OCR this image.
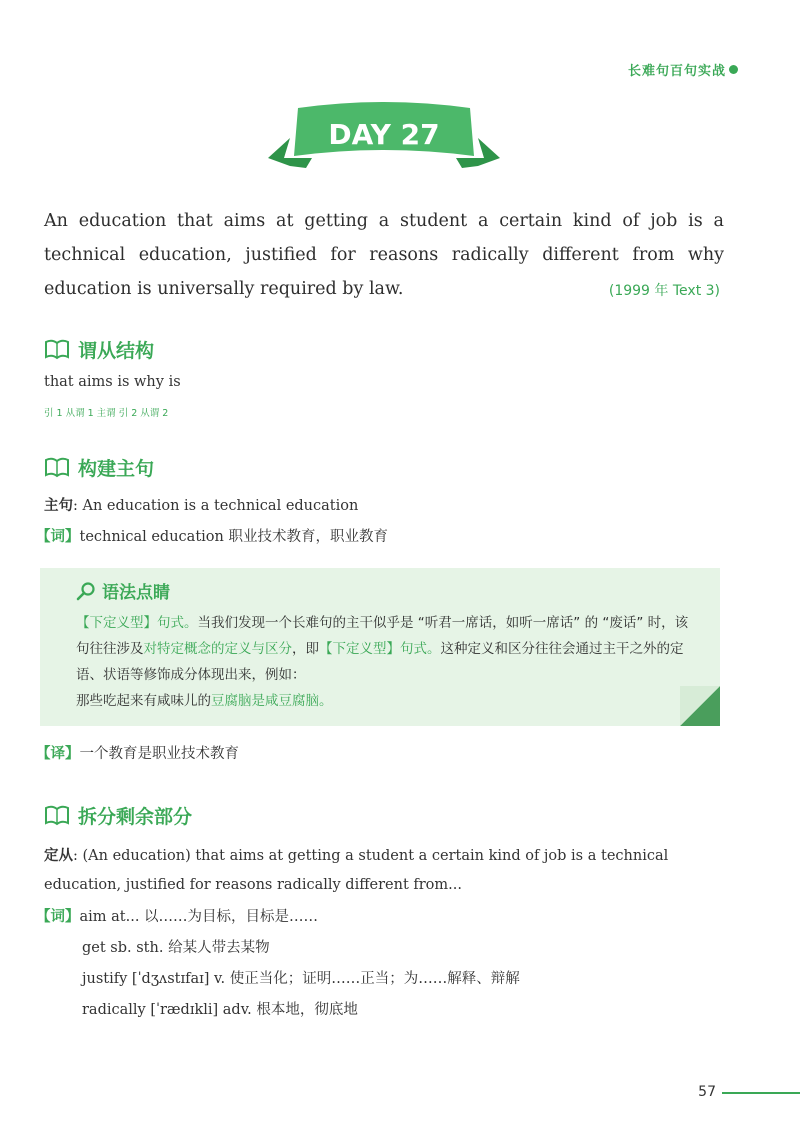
长难句百句实战
DAY 27
An education that aims at getting a student a certain kind of job is a technical education, justified for reasons radically different from why education is universally required by law.	(1999 年 Text 3)
谓从结构
that aims is why is
引 1 从谓 1 主谓 引 2 从谓 2
构建主句
主句: An education is a technical education
【词】technical education 职业技术教育，职业教育
语法点睛
【下定义型】句式。当我们发现一个长难句的主干似乎是 “听君一席话，如听一席话” 的 “废话” 时，该句往往涉及对特定概念的定义与区分，即【下定义型】句式。这种定义和区分往往会通过主干之外的定语、状语等修饰成分体现出来，例如：
那些吃起来有咸味儿的豆腐脑是咸豆腐脑。
【译】一个教育是职业技术教育
拆分剩余部分
定从: (An education) that aims at getting a student a certain kind of job is a technical education, justified for reasons radically different from...
【词】aim at... 以……为目标，目标是……
get sb. sth. 给某人带去某物
justify [ˈdʒʌstɪfaɪ] v. 使正当化；证明……正当；为……解释、辩解
radically [ˈrædɪkli] adv. 根本地，彻底地
57
